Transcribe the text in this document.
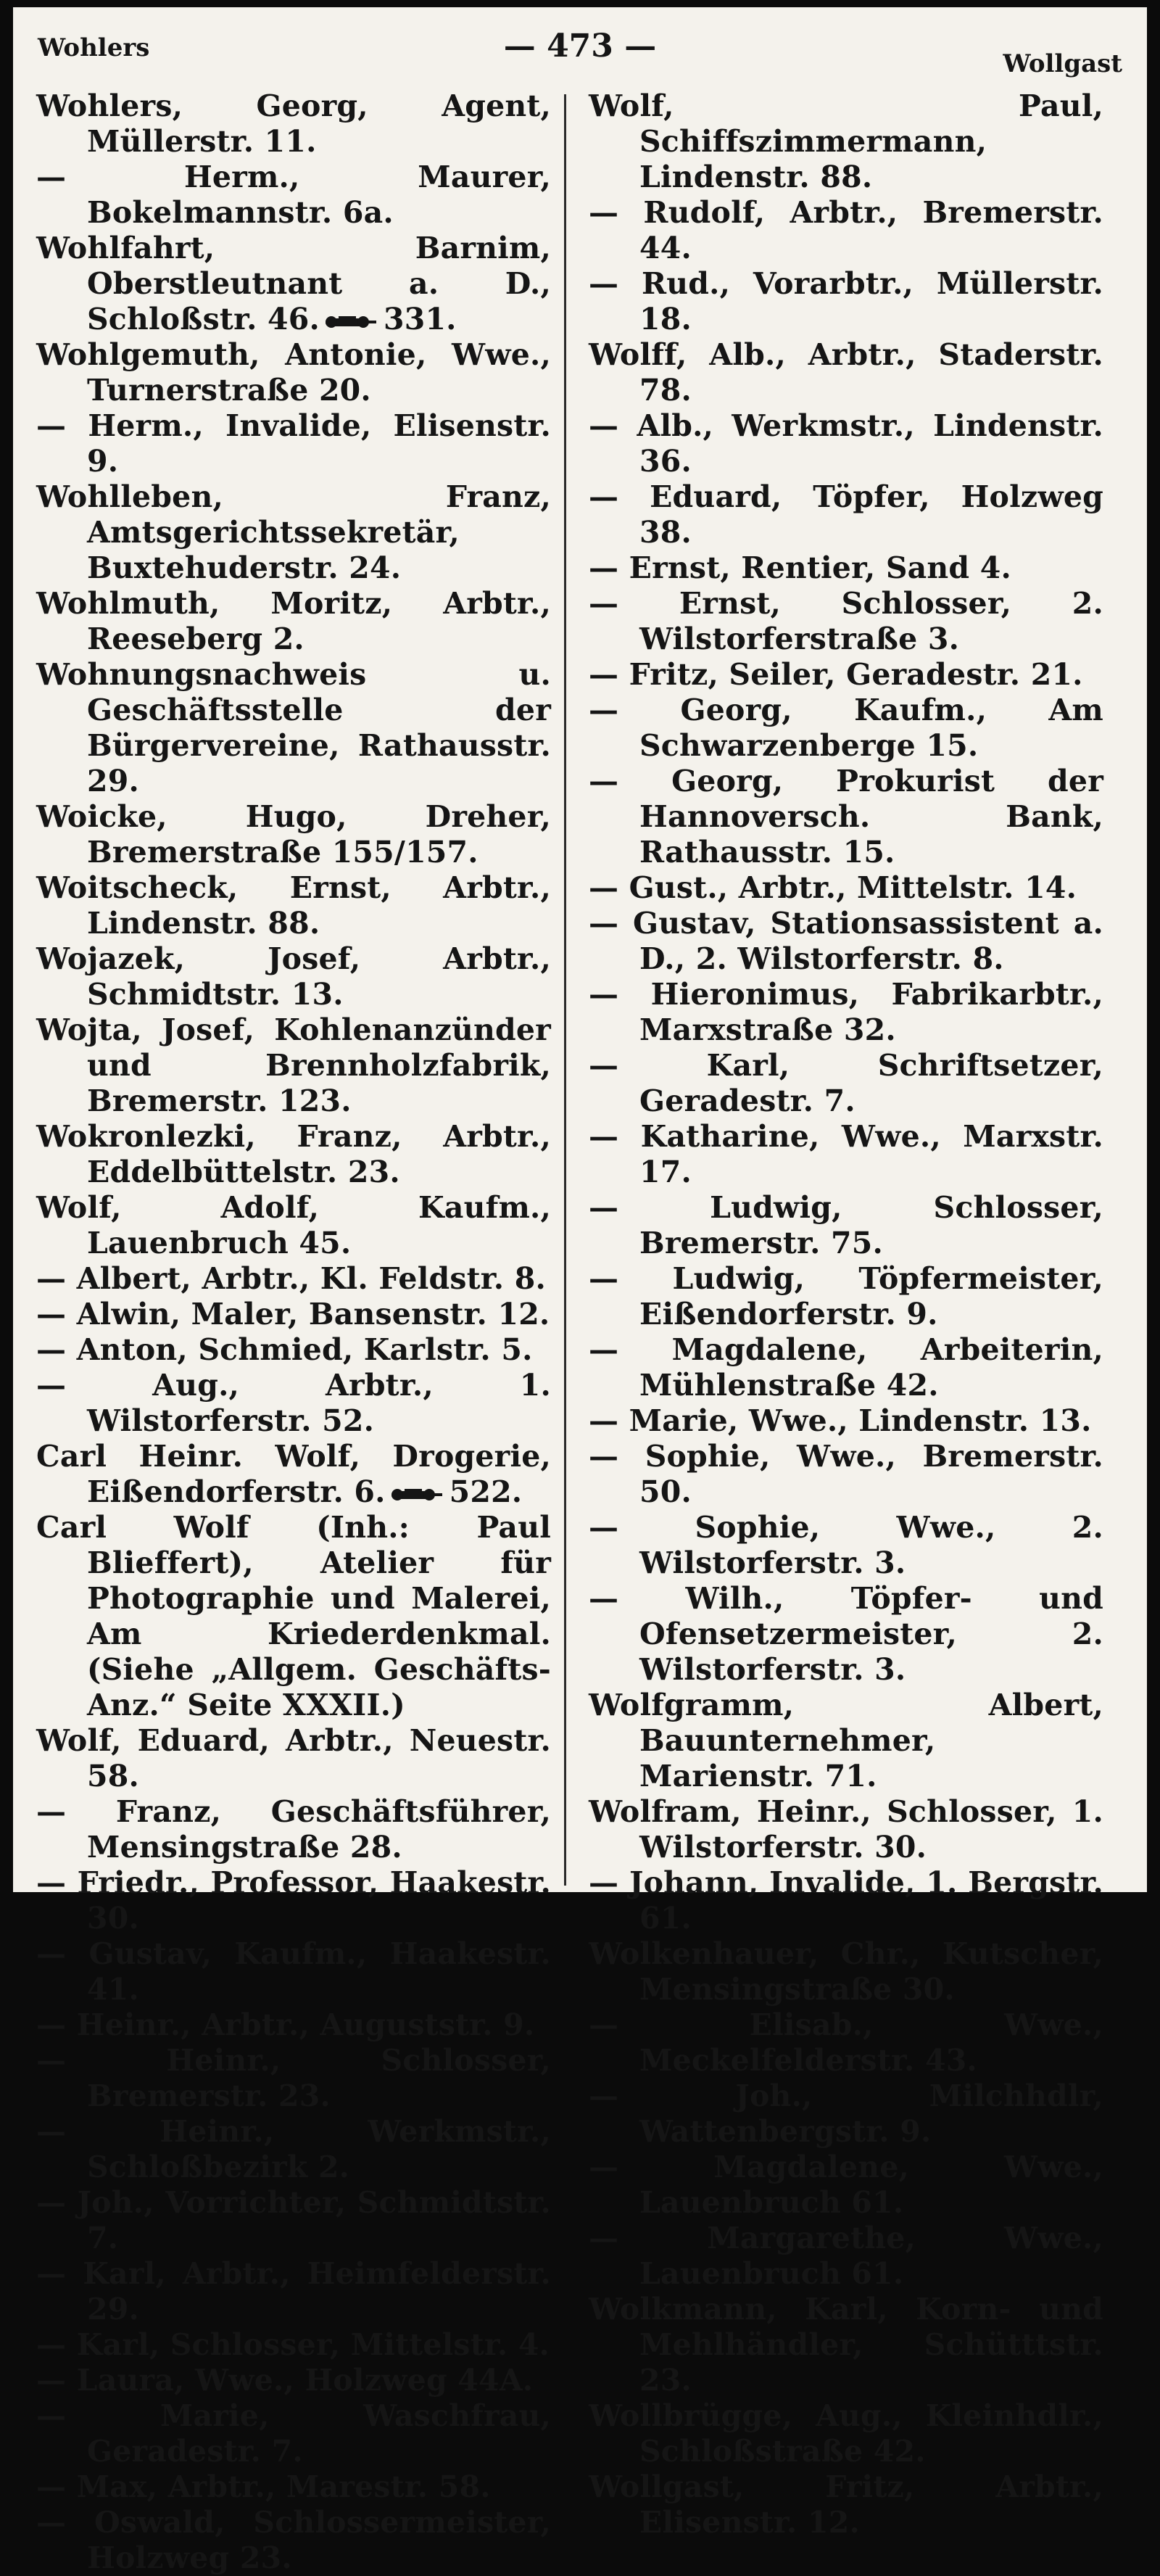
Wohlers	— 473 —	Wollgast
Wohlers, Georg, Agent, Müllerstr. 11.
— Herm., Maurer, Bokelmannstr. 6a.
Wohlfahrt, Barnim, Oberstleutnant a. D., Schloßstr. 46. 331.
Wohlgemuth, Antonie, Wwe., Turnerstraße 20.
— Herm., Invalide, Elisenstr. 9.
Wohlleben, Franz, Amtsgerichtssekretär, Buxtehuderstr. 24.
Wohlmuth, Moritz, Arbtr., Reeseberg 2.
Wohnungsnachweis u. Geschäftsstelle der Bürgervereine, Rathausstr. 29.
Woicke, Hugo, Dreher, Bremerstraße 155/157.
Woitscheck, Ernst, Arbtr., Lindenstr. 88.
Wojazek, Josef, Arbtr., Schmidtstr. 13.
Wojta, Josef, Kohlenanzünder und Brennholzfabrik, Bremerstr. 123.
Wokronlezki, Franz, Arbtr., Eddelbüttelstr. 23.
Wolf, Adolf, Kaufm., Lauenbruch 45.
— Albert, Arbtr., Kl. Feldstr. 8.
— Alwin, Maler, Bansenstr. 12.
— Anton, Schmied, Karlstr. 5.
— Aug., Arbtr., 1. Wilstorferstr. 52.
Carl Heinr. Wolf, Drogerie, Eißendorferstr. 6. 522.
Carl Wolf (Inh.: Paul Blieffert), Atelier für Photographie und Malerei, Am Kriederdenkmal. (Siehe „Allgem. Geschäfts-Anz.“ Seite XXXII.)
Wolf, Eduard, Arbtr., Neuestr. 58.
— Franz, Geschäftsführer, Mensingstraße 28.
— Friedr., Professor, Haakestr. 30.
— Gustav, Kaufm., Haakestr. 41.
— Heinr., Arbtr., Auguststr. 9.
— Heinr., Schlosser, Bremerstr. 23.
— Heinr., Werkmstr., Schloßbezirk 2.
— Joh., Vorrichter, Schmidtstr. 7.
— Karl, Arbtr., Heimfelderstr. 29.
— Karl, Schlosser, Mittelstr. 4.
— Laura, Wwe., Holzweg 44A.
— Marie, Waschfrau, Geradestr. 7.
— Max, Arbtr., Marestr. 58.
— Oswald, Schlossermeister, Holzweg 23.
Wolf, Paul, Schiffszimmermann, Lindenstr. 88.
— Rudolf, Arbtr., Bremerstr. 44.
— Rud., Vorarbtr., Müllerstr. 18.
Wolff, Alb., Arbtr., Staderstr. 78.
— Alb., Werkmstr., Lindenstr. 36.
— Eduard, Töpfer, Holzweg 38.
— Ernst, Rentier, Sand 4.
— Ernst, Schlosser, 2. Wilstorferstraße 3.
— Fritz, Seiler, Geradestr. 21.
— Georg, Kaufm., Am Schwarzenberge 15.
— Georg, Prokurist der Hannoversch. Bank, Rathausstr. 15.
— Gust., Arbtr., Mittelstr. 14.
— Gustav, Stationsassistent a. D., 2. Wilstorferstr. 8.
— Hieronimus, Fabrikarbtr., Marxstraße 32.
— Karl, Schriftsetzer, Geradestr. 7.
— Katharine, Wwe., Marxstr. 17.
— Ludwig, Schlosser, Bremerstr. 75.
— Ludwig, Töpfermeister, Eißendorferstr. 9.
— Magdalene, Arbeiterin, Mühlenstraße 42.
— Marie, Wwe., Lindenstr. 13.
— Sophie, Wwe., Bremerstr. 50.
— Sophie, Wwe., 2. Wilstorferstr. 3.
— Wilh., Töpfer- und Ofensetzermeister, 2. Wilstorferstr. 3.
Wolfgramm, Albert, Bauunternehmer, Marienstr. 71.
Wolfram, Heinr., Schlosser, 1. Wilstorferstr. 30.
— Johann, Invalide, 1. Bergstr. 61.
Wolkenhauer, Chr., Kutscher, Mensingstraße 30.
— Elisab., Wwe., Meckelfelderstr. 43.
— Joh., Milchhdlr, Wattenbergstr. 9.
— Magdalene, Wwe., Lauenbruch 61.
— Margarethe, Wwe., Lauenbruch 61.
Wolkmann, Karl, Korn- und Mehlhändler, Schütttstr. 23.
Wollbrügge, Aug., Kleinhdlr., Schloßstraße 42.
Wollgast, Fritz, Arbtr., Elisenstr. 12.
